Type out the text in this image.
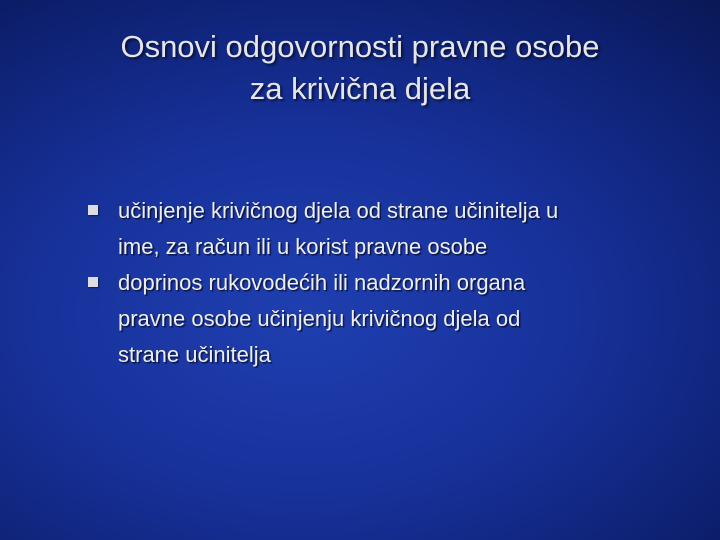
Osnovi odgovornosti pravne osobe
za krivična djela
učinjenje krivičnog djela od strane učinitelja u
ime, za račun ili u korist pravne osobe
doprinos rukovodećih ili nadzornih organa
pravne osobe učinjenju krivičnog djela od
strane učinitelja
